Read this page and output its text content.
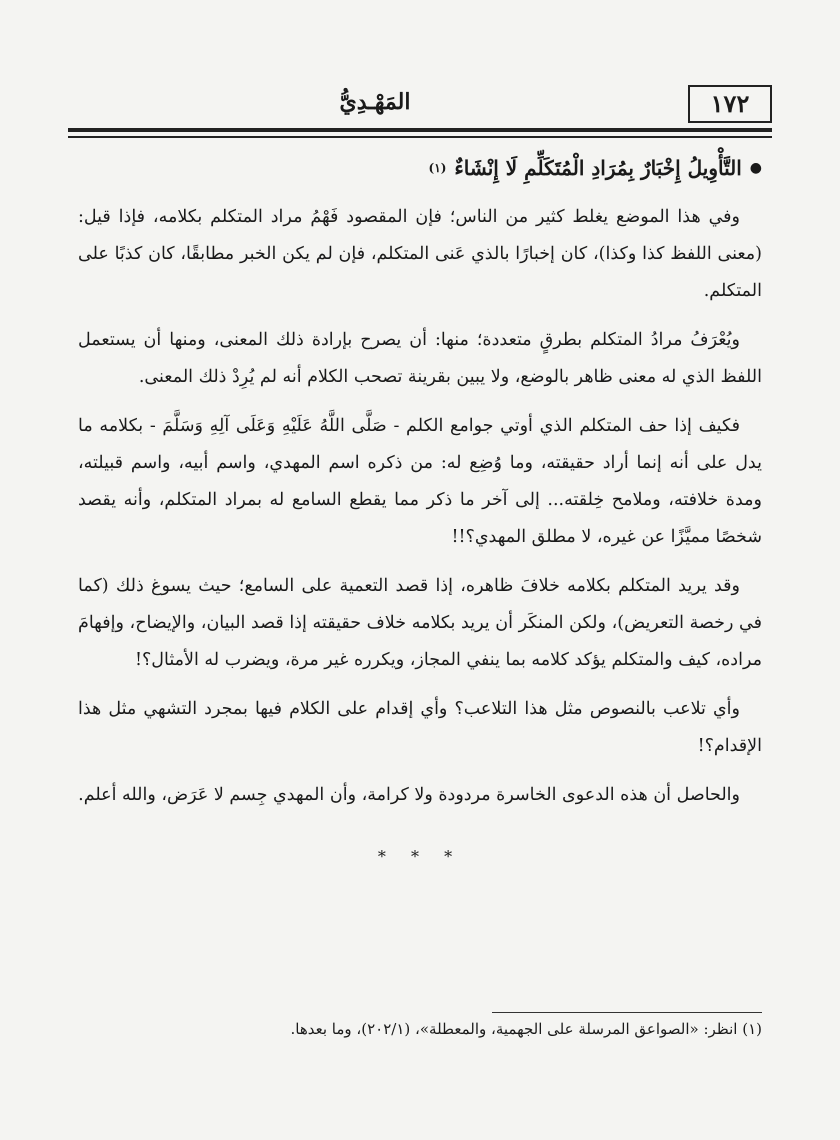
١٧٢
المَهْـدِيُّ
●
التَّأْوِيلُ إِخْبَارٌ بِمُرَادِ الْمُتَكَلِّمِ لَا إِنْشَاءٌ
(١)

وفي هذا الموضع يغلط كثير من الناس؛ فإن المقصود فَهْمُ مراد المتكلم بكلامه، فإذا قيل: (معنى اللفظ كذا وكذا)، كان إخبارًا بالذي عَنى المتكلم، فإن لم يكن الخبر مطابقًا، كان كذبًا على المتكلم.

ويُعْرَفُ مرادُ المتكلم بطرقٍ متعددة؛ منها: أن يصرح بإرادة ذلك المعنى، ومنها أن يستعمل اللفظ الذي له معنى ظاهر بالوضع، ولا يبين بقرينة تصحب الكلام أنه لم يُرِدْ ذلك المعنى.

فكيف إذا حف المتكلم الذي أوتي جوامع الكلم - صَلَّى اللَّهُ عَلَيْهِ وَعَلَى آلِهِ وَسَلَّمَ - بكلامه ما يدل على أنه إنما أراد حقيقته، وما وُضِع له: من ذكره اسم المهدي، واسم أبيه، واسم قبيلته، ومدة خلافته، وملامح خِلقته... إلى آخر ما ذكر مما يقطع السامع له بمراد المتكلم، وأنه يقصد شخصًا مميَّزًا عن غيره، لا مطلق المهدي؟!!

وقد يريد المتكلم بكلامه خلافَ ظاهره، إذا قصد التعمية على السامع؛ حيث يسوغ ذلك (كما في رخصة التعريض)، ولكن المنكَر أن يريد بكلامه خلاف حقيقته إذا قصد البيان، والإيضاح، وإفهامَ مراده، كيف والمتكلم يؤكد كلامه بما ينفي المجاز، ويكرره غير مرة، ويضرب له الأمثال؟!

وأي تلاعب بالنصوص مثل هذا التلاعب؟ وأي إقدام على الكلام فيها بمجرد التشهي مثل هذا الإقدام؟!

والحاصل أن هذه الدعوى الخاسرة مردودة ولا كرامة، وأن المهدي جِسم لا عَرَض، والله أعلم.

* * *
(١) انظر: «الصواعق المرسلة على الجهمية، والمعطلة»، (٢٠٢/١)، وما بعدها.
